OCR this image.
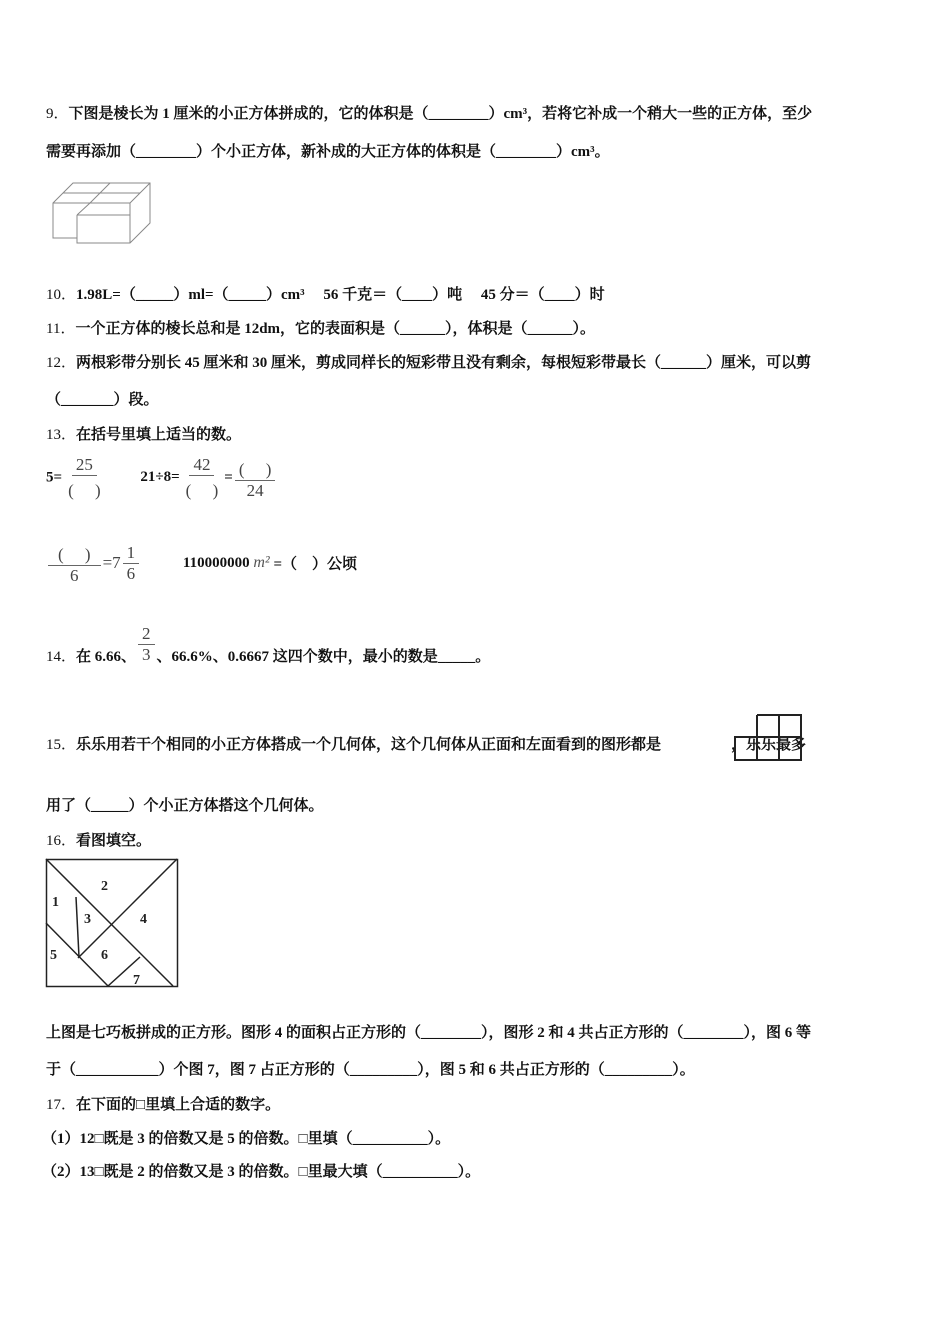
9．下图是棱长为 1 厘米的小正方体拼成的，它的体积是（________）cm³，若将它补成一个稍大一些的正方体，至少
需要再添加（________）个小正方体，新补成的大正方体的体积是（________）cm³。
10．1.98L=（_____）ml=（_____）cm³　 56 千克＝（____）吨　 45 分＝（____）时
11．一个正方体的棱长总和是 12dm，它的表面积是（______），体积是（______）。
12．两根彩带分别长 45 厘米和 30 厘米，剪成同样长的短彩带且没有剩余，每根短彩带最长（______）厘米，可以剪
（_______）段。
13．在括号里填上适当的数。
$5= \frac{25}{( )} 21\div 8= \frac{42}{( )} = \frac{( )}{24}$
$\frac{( )}{6} =7 \frac{1}{6}$	110000000 m² =（　）公顷
14．在 6.66、 $\frac{2}{3}$ 、66.6%、0.6667 这四个数中，最小的数是_____。
15．乐乐用若干个相同的小正方体搭成一个几何体，这个几何体从正面和左面看到的图形都是	，乐乐最多
用了（_____）个小正方体搭这个几何体。
16．看图填空。
1
2
3	4
5	6
7
上图是七巧板拼成的正方形。图形 4 的面积占正方形的（________），图形 2 和 4 共占正方形的（________），图 6 等
于（___________）个图 7，图 7 占正方形的（_________），图 5 和 6 共占正方形的（_________）。
17．在下面的□里填上合适的数字。
（1）12□既是 3 的倍数又是 5 的倍数。□里填（__________）。
（2）13□既是 2 的倍数又是 3 的倍数。□里最大填（__________）。
